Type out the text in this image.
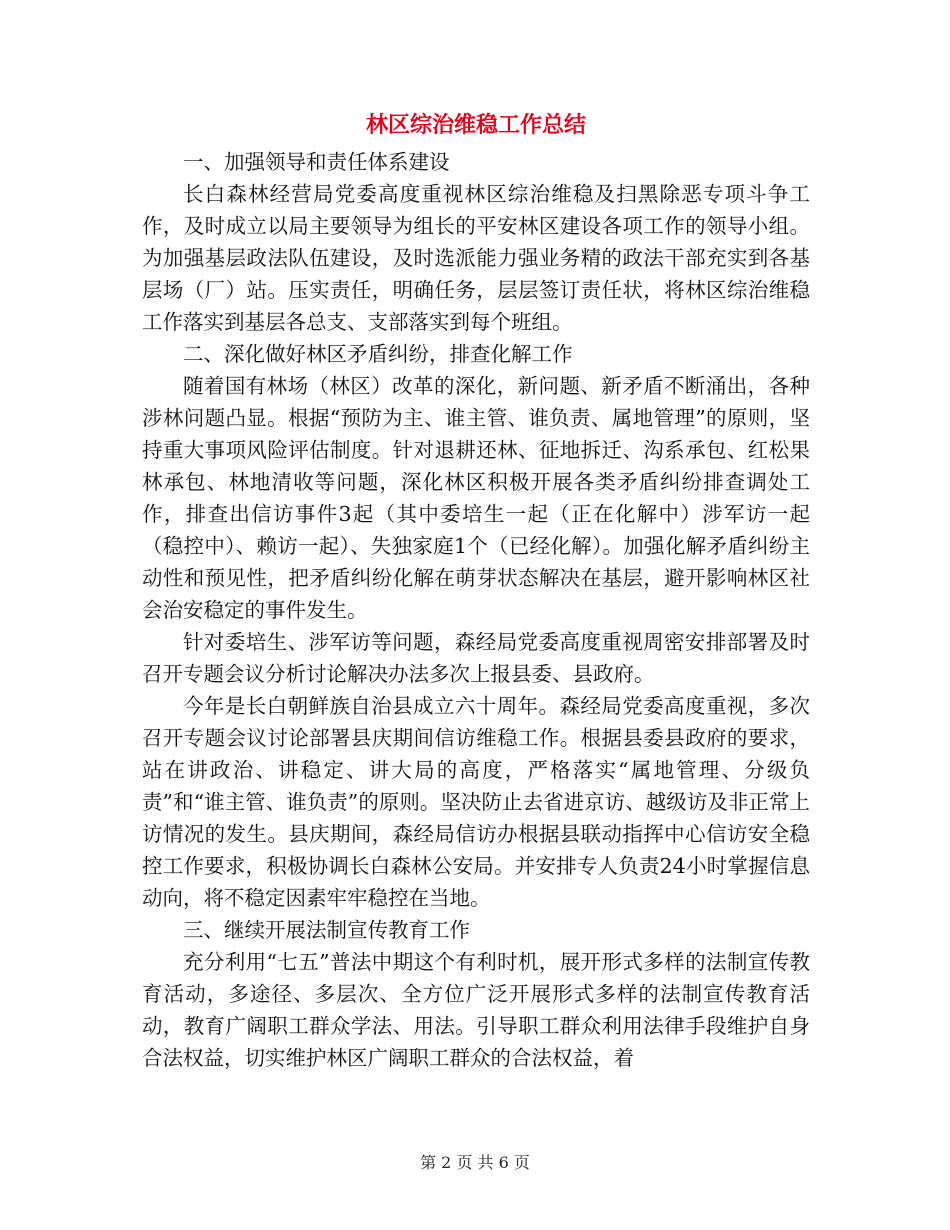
林区综治维稳工作总结

一、加强领导和责任体系建设

长白森林经营局党委高度重视林区综治维稳及扫黑除恶专项斗争工作，及时成立以局主要领导为组长的平安林区建设各项工作的领导小组。为加强基层政法队伍建设，及时选派能力强业务精的政法干部充实到各基层场（厂）站。压实责任，明确任务，层层签订责任状，将林区综治维稳工作落实到基层各总支、支部落实到每个班组。

二、深化做好林区矛盾纠纷，排查化解工作

随着国有林场（林区）改革的深化，新问题、新矛盾不断涌出，各种涉林问题凸显。根据“预防为主、谁主管、谁负责、属地管理”的原则，坚持重大事项风险评估制度。针对退耕还林、征地拆迁、沟系承包、红松果林承包、林地清收等问题，深化林区积极开展各类矛盾纠纷排查调处工作，排查出信访事件3起（其中委培生一起（正在化解中）涉军访一起（稳控中）、赖访一起）、失独家庭1个（已经化解）。加强化解矛盾纠纷主动性和预见性，把矛盾纠纷化解在萌芽状态解决在基层，避开影响林区社会治安稳定的事件发生。

针对委培生、涉军访等问题，森经局党委高度重视周密安排部署及时召开专题会议分析讨论解决办法多次上报县委、县政府。

今年是长白朝鲜族自治县成立六十周年。森经局党委高度重视，多次召开专题会议讨论部署县庆期间信访维稳工作。根据县委县政府的要求，站在讲政治、讲稳定、讲大局的高度，严格落实“属地管理、分级负责”和“谁主管、谁负责”的原则。坚决防止去省进京访、越级访及非正常上访情况的发生。县庆期间，森经局信访办根据县联动指挥中心信访安全稳控工作要求，积极协调长白森林公安局。并安排专人负责24小时掌握信息动向，将不稳定因素牢牢稳控在当地。

三、继续开展法制宣传教育工作

充分利用“七五”普法中期这个有利时机，展开形式多样的法制宣传教育活动，多途径、多层次、全方位广泛开展形式多样的法制宣传教育活动，教育广阔职工群众学法、用法。引导职工群众利用法律手段维护自身合法权益，切实维护林区广阔职工群众的合法权益，着

第 2 页 共 6 页
